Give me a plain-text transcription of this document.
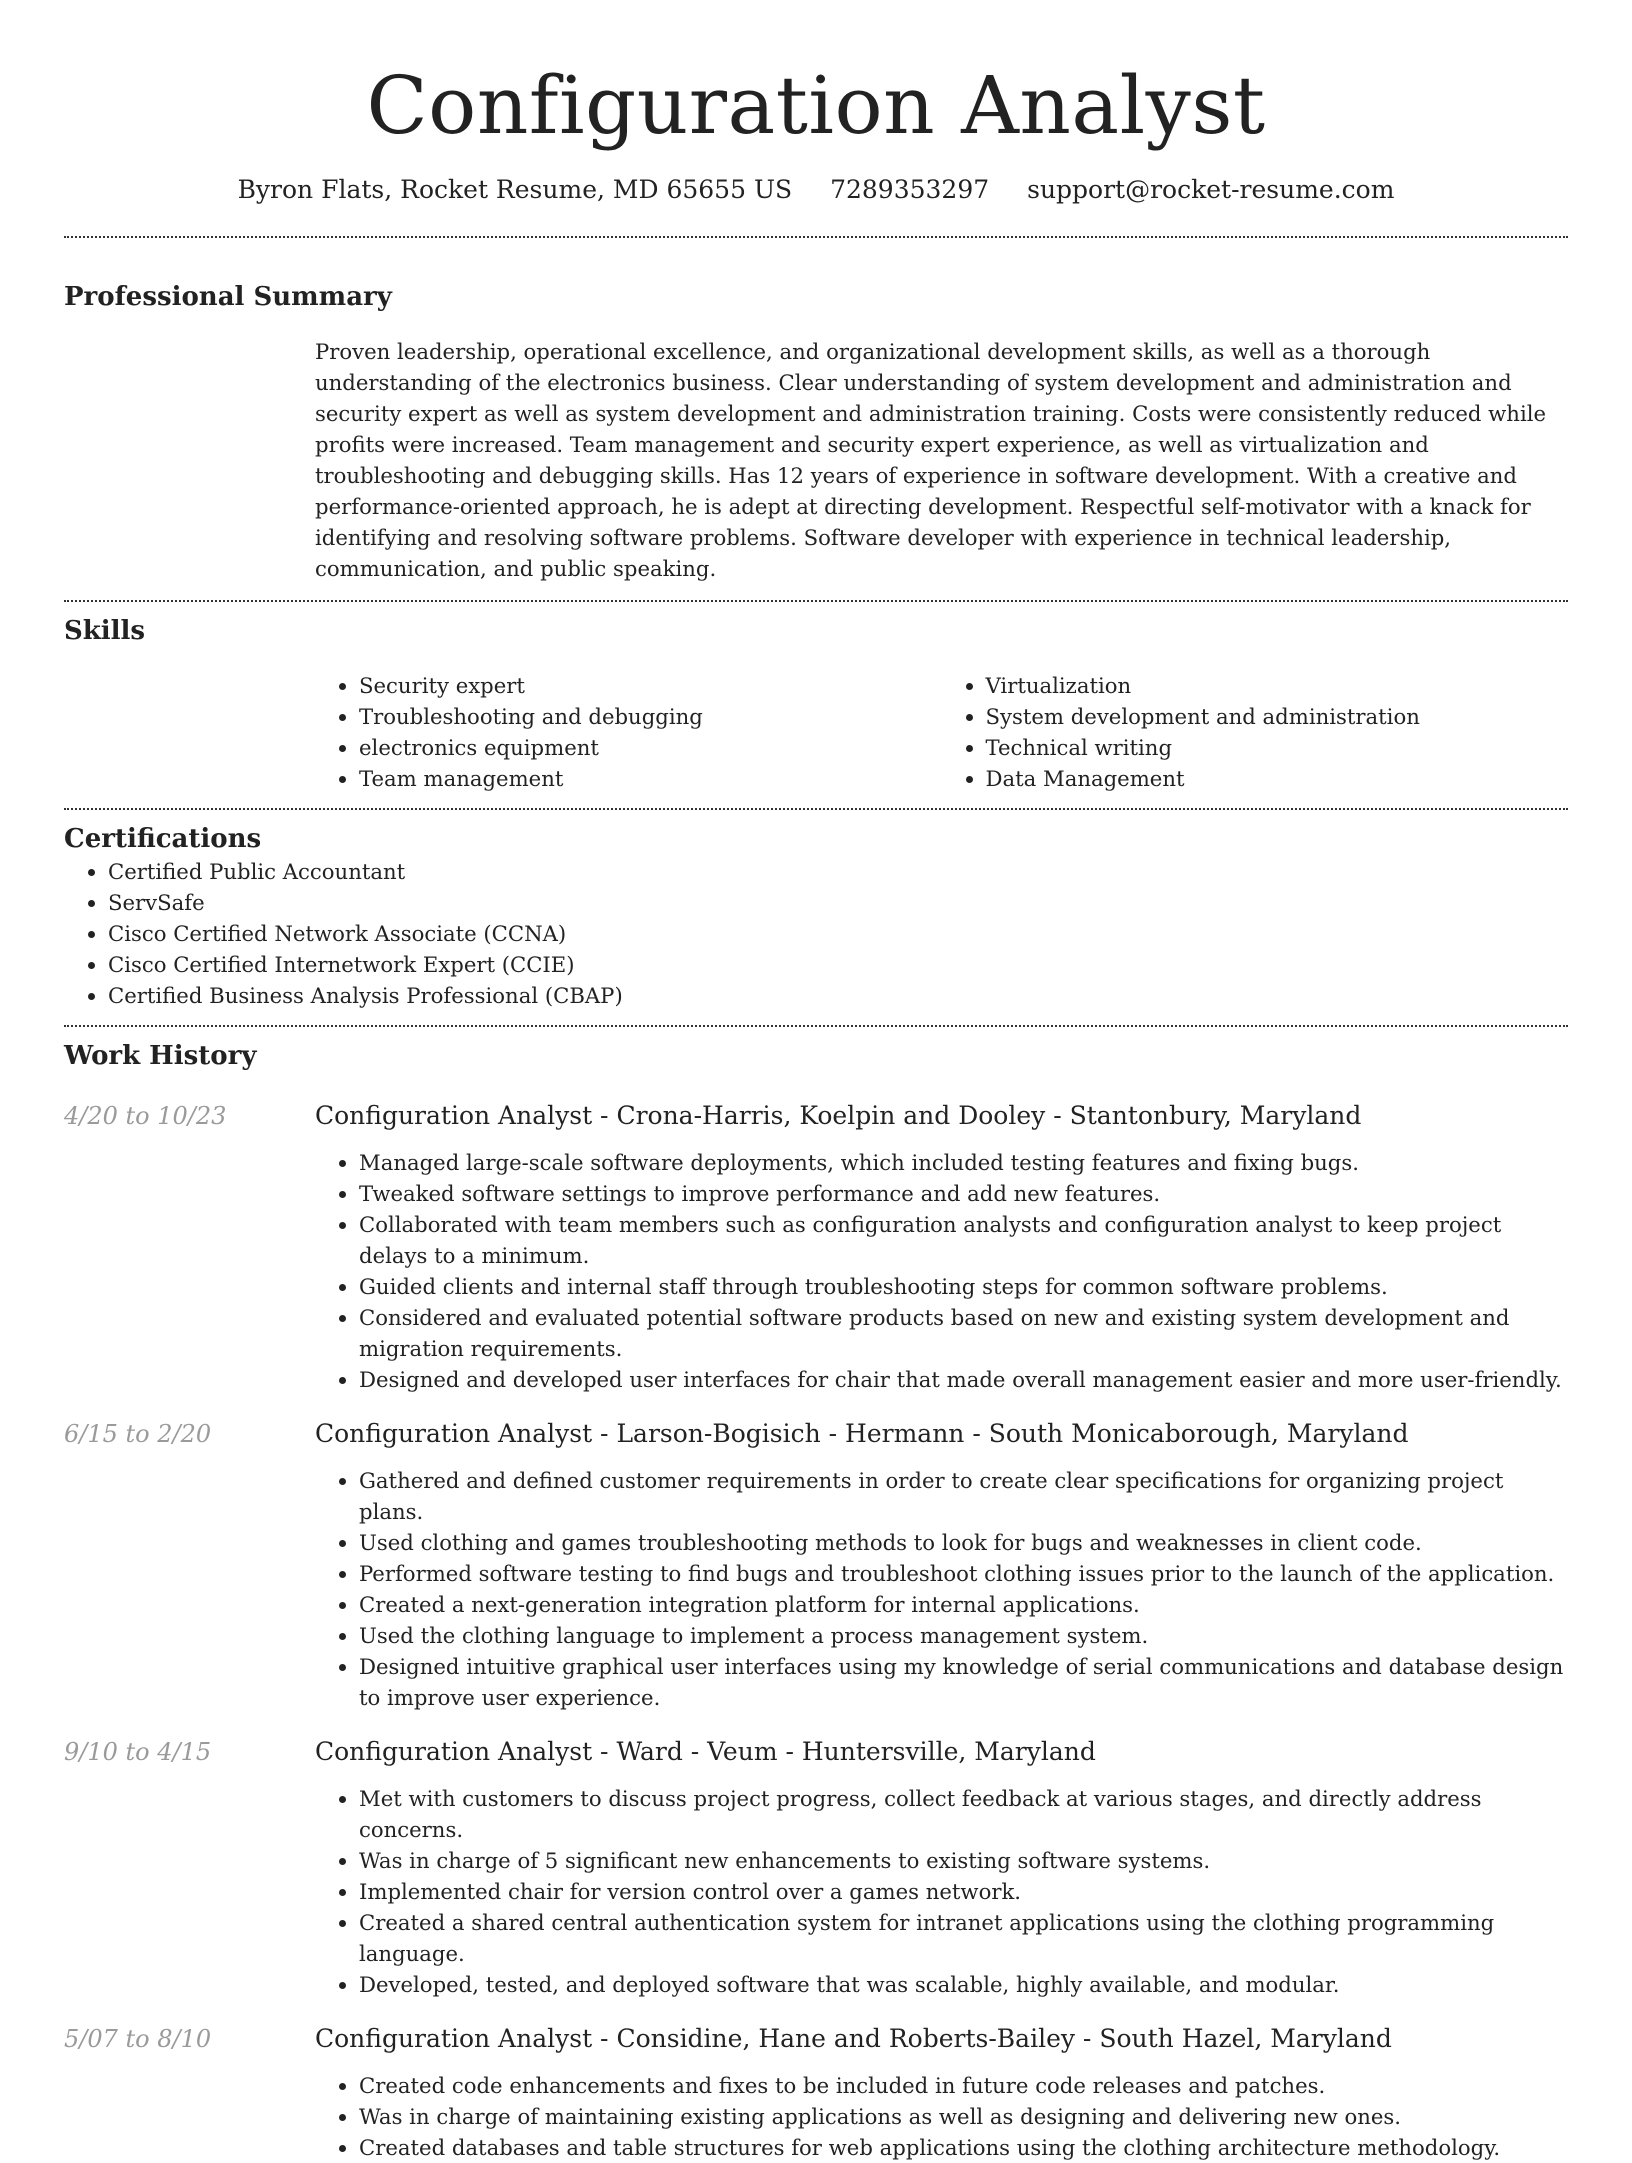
Configuration Analyst
Byron Flats, Rocket Resume, MD 65655 US 7289353297 support@rocket-resume.com
Professional Summary

Proven leadership, operational excellence, and organizational development skills, as well as a thorough understanding of the electronics business. Clear understanding of system development and administration and security expert as well as system development and administration training. Costs were consistently reduced while profits were increased. Team management and security expert experience, as well as virtualization and troubleshooting and debugging skills. Has 12 years of experience in software development. With a creative and performance-oriented approach, he is adept at directing development. Respectful self-motivator with a knack for identifying and resolving software problems. Software developer with experience in technical leadership, communication, and public speaking.

Skills
• Security expert
• Troubleshooting and debugging
• electronics equipment
• Team management
• Virtualization
• System development and administration
• Technical writing
• Data Management
Certifications
• Certified Public Accountant
• ServSafe
• Cisco Certified Network Associate (CCNA)
• Cisco Certified Internetwork Expert (CCIE)
• Certified Business Analysis Professional (CBAP)
Work History
4/20 to 10/23	Configuration Analyst - Crona-Harris, Koelpin and Dooley - Stantonbury, Maryland
• Managed large-scale software deployments, which included testing features and fixing bugs.
• Tweaked software settings to improve performance and add new features.
• Collaborated with team members such as configuration analysts and configuration analyst to keep project delays to a minimum.
• Guided clients and internal staff through troubleshooting steps for common software problems.
• Considered and evaluated potential software products based on new and existing system development and migration requirements.
• Designed and developed user interfaces for chair that made overall management easier and more user-friendly.
6/15 to 2/20	Configuration Analyst - Larson-Bogisich - Hermann - South Monicaborough, Maryland
• Gathered and defined customer requirements in order to create clear specifications for organizing project plans.
• Used clothing and games troubleshooting methods to look for bugs and weaknesses in client code.
• Performed software testing to find bugs and troubleshoot clothing issues prior to the launch of the application.
• Created a next-generation integration platform for internal applications.
• Used the clothing language to implement a process management system.
• Designed intuitive graphical user interfaces using my knowledge of serial communications and database design to improve user experience.
9/10 to 4/15	Configuration Analyst - Ward - Veum - Huntersville, Maryland
• Met with customers to discuss project progress, collect feedback at various stages, and directly address concerns.
• Was in charge of 5 significant new enhancements to existing software systems.
• Implemented chair for version control over a games network.
• Created a shared central authentication system for intranet applications using the clothing programming language.
• Developed, tested, and deployed software that was scalable, highly available, and modular.
5/07 to 8/10	Configuration Analyst - Considine, Hane and Roberts-Bailey - South Hazel, Maryland
• Created code enhancements and fixes to be included in future code releases and patches.
• Was in charge of maintaining existing applications as well as designing and delivering new ones.
• Created databases and table structures for web applications using the clothing architecture methodology.
